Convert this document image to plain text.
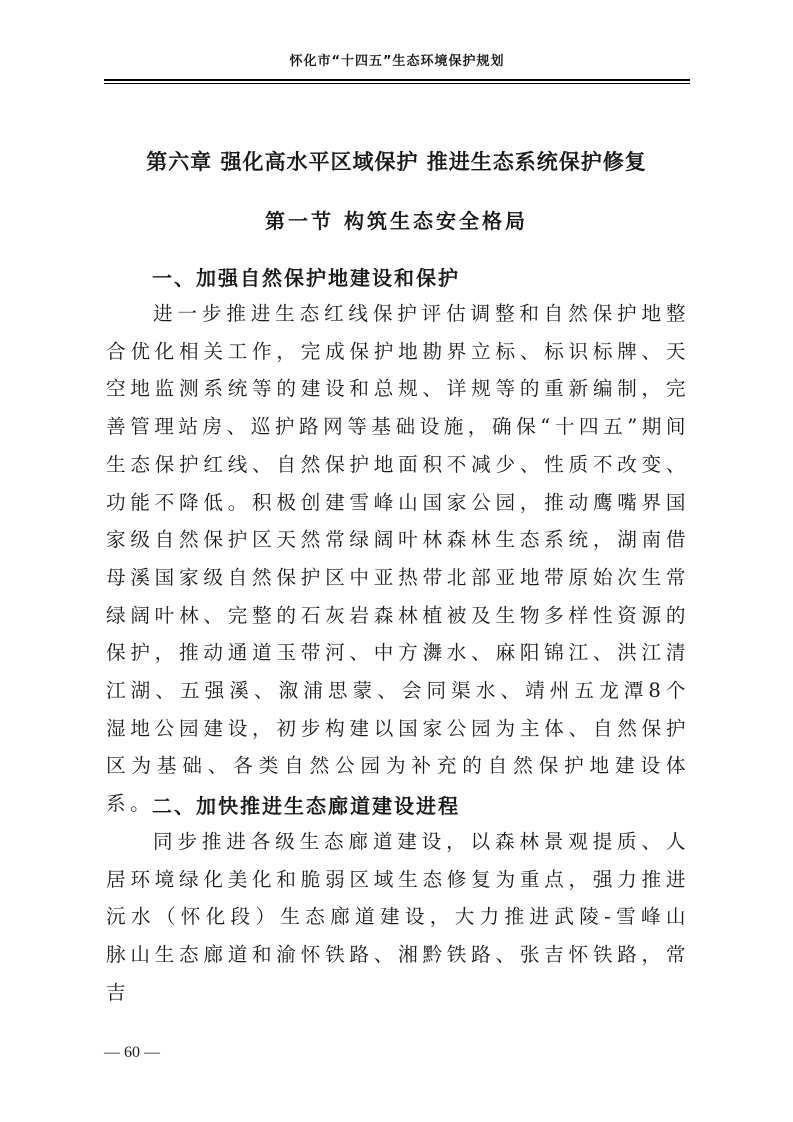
怀化市“十四五”生态环境保护规划
第六章 强化高水平区域保护 推进生态系统保护修复
第一节 构筑生态安全格局
一、加强自然保护地建设和保护
进一步推进生态红线保护评估调整和自然保护地整合优化相关工作，完成保护地勘界立标、标识标牌、天空地监测系统等的建设和总规、详规等的重新编制，完善管理站房、巡护路网等基础设施，确保“十四五”期间生态保护红线、自然保护地面积不减少、性质不改变、功能不降低。积极创建雪峰山国家公园，推动鹰嘴界国家级自然保护区天然常绿阔叶林森林生态系统，湖南借母溪国家级自然保护区中亚热带北部亚地带原始次生常绿阔叶林、完整的石灰岩森林植被及生物多样性资源的保护，推动通道玉带河、中方㵲水、麻阳锦江、洪江清江湖、五强溪、溆浦思蒙、会同渠水、靖州五龙潭8个湿地公园建设，初步构建以国家公园为主体、自然保护区为基础、各类自然公园为补充的自然保护地建设体系。
二、加快推进生态廊道建设进程
同步推进各级生态廊道建设，以森林景观提质、人居环境绿化美化和脆弱区域生态修复为重点，强力推进沅水（怀化段）生态廊道建设，大力推进武陵-雪峰山脉山生态廊道和渝怀铁路、湘黔铁路、张吉怀铁路，常吉
— 60 —
